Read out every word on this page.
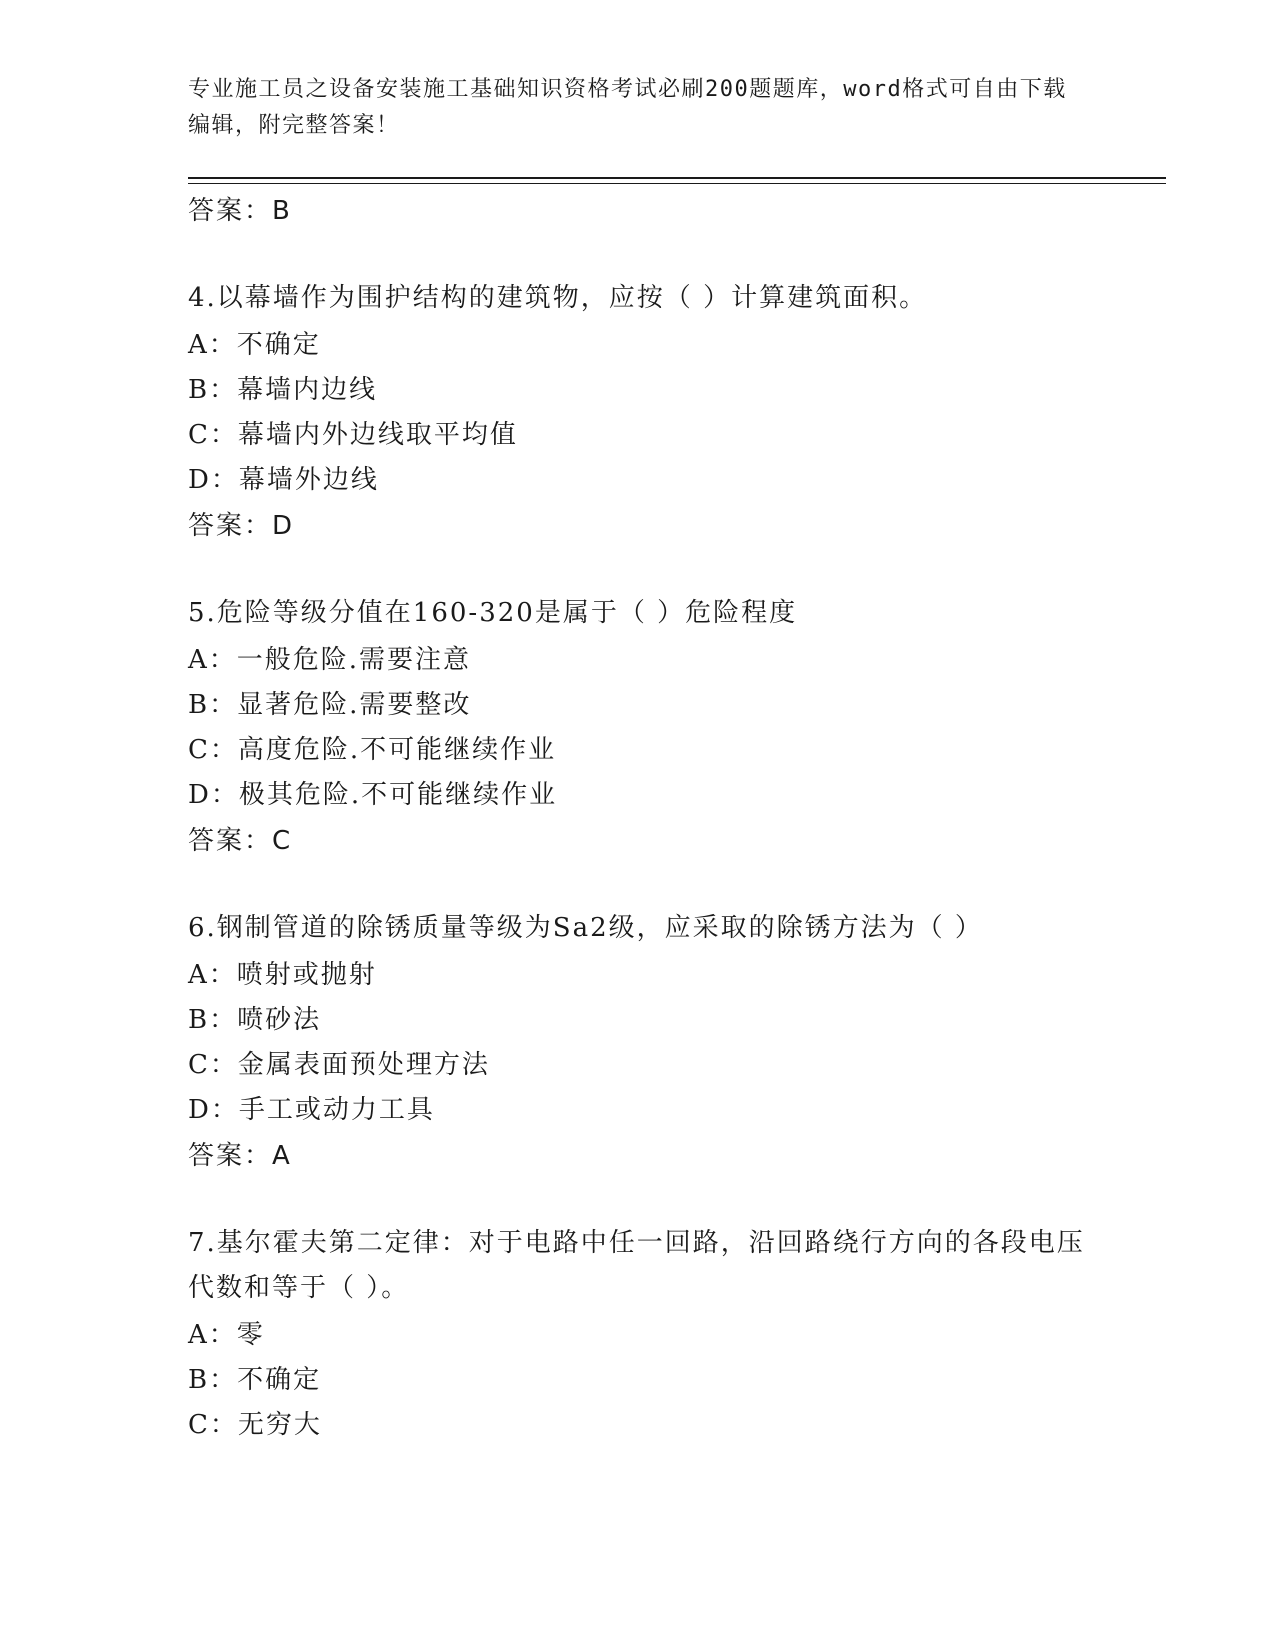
专业施工员之设备安装施工基础知识资格考试必刷200题题库，word格式可自由下载编辑，附完整答案！
答案：B
4.以幕墙作为围护结构的建筑物，应按（ ）计算建筑面积。
A：不确定
B：幕墙内边线
C：幕墙内外边线取平均值
D：幕墙外边线
答案：D
5.危险等级分值在160-320是属于（ ）危险程度
A：一般危险.需要注意
B：显著危险.需要整改
C：高度危险.不可能继续作业
D：极其危险.不可能继续作业
答案：C
6.钢制管道的除锈质量等级为Sa2级，应采取的除锈方法为（ ）
A：喷射或抛射
B：喷砂法
C：金属表面预处理方法
D：手工或动力工具
答案：A
7.基尔霍夫第二定律：对于电路中任一回路，沿回路绕行方向的各段电压代数和等于（ ）。
A：零
B：不确定
C：无穷大
